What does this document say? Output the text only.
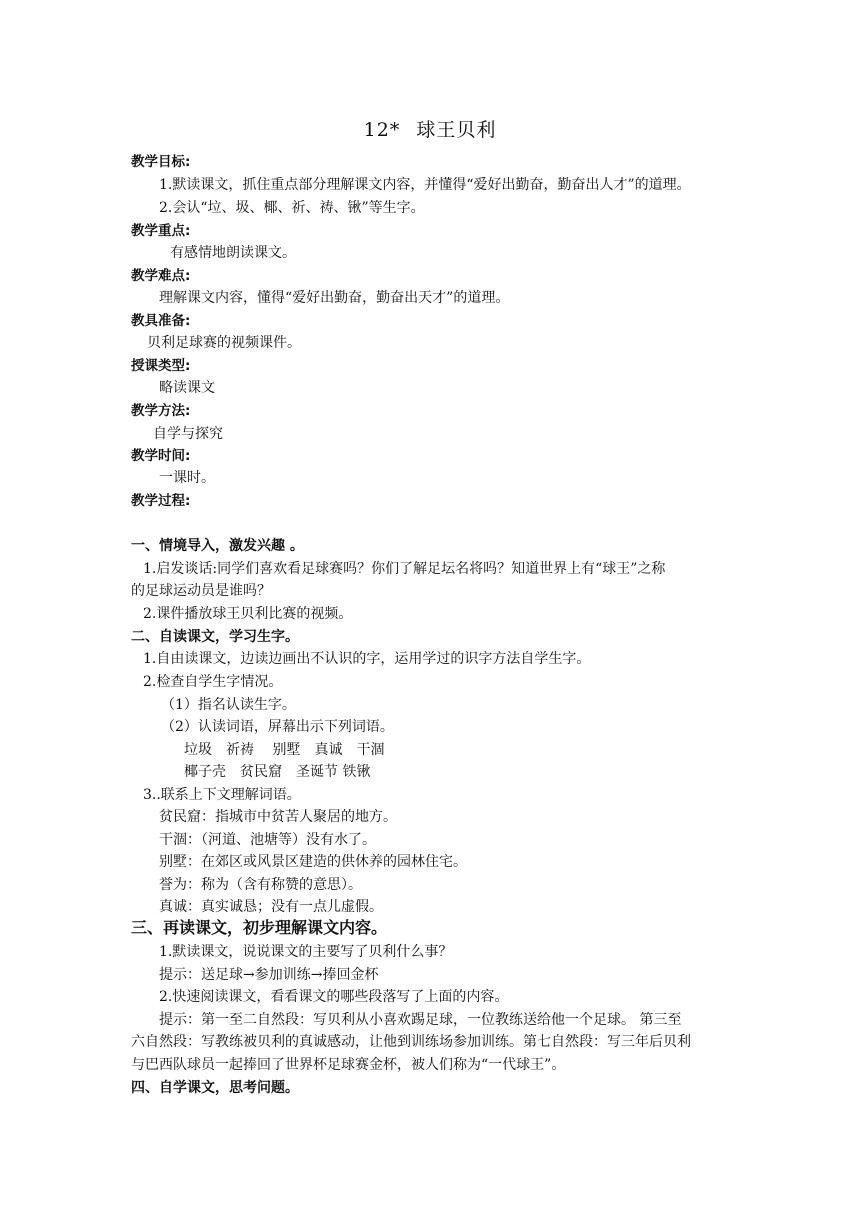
12* 球王贝利
教学目标:
1.默读课文，抓住重点部分理解课文内容，并懂得“爱好出勤奋，勤奋出人才”的道理。
2.会认“垃、圾、椰、祈、祷、锹”等生字。
教学重点:
有感情地朗读课文。
教学难点:
理解课文内容，懂得“爱好出勤奋，勤奋出天才”的道理。
教具准备:
贝利足球赛的视频课件。
授课类型:
略读课文
教学方法:
自学与探究
教学时间:
一课时。
教学过程:
一、情境导入，激发兴趣 。
1.启发谈话:同学们喜欢看足球赛吗？你们了解足坛名将吗？知道世界上有“球王”之称
的足球运动员是谁吗？
2.课件播放球王贝利比赛的视频。
二、自读课文，学习生字。
1.自由读课文，边读边画出不认识的字，运用学过的识字方法自学生字。
2.检查自学生字情况。
（1）指名认读生字。
（2）认读词语，屏幕出示下列词语。
垃圾　祈祷　 别墅　真诚　干涸
椰子壳　贫民窟　圣诞节 铁锹
3..联系上下文理解词语。
贫民窟：指城市中贫苦人聚居的地方。
干涸：（河道、池塘等）没有水了。
别墅：在郊区或风景区建造的供休养的园林住宅。
誉为：称为（含有称赞的意思）。
真诚：真实诚恳；没有一点儿虚假。
三、再读课文，初步理解课文内容。
1.默读课文，说说课文的主要写了贝利什么事？
提示：送足球→参加训练→捧回金杯
2.快速阅读课文，看看课文的哪些段落写了上面的内容。
提示：第一至二自然段：写贝利从小喜欢踢足球，一位教练送给他一个足球。 第三至
六自然段：写教练被贝利的真诚感动，让他到训练场参加训练。第七自然段：写三年后贝利
与巴西队球员一起捧回了世界杯足球赛金杯，被人们称为“一代球王”。
四、自学课文，思考问题。
